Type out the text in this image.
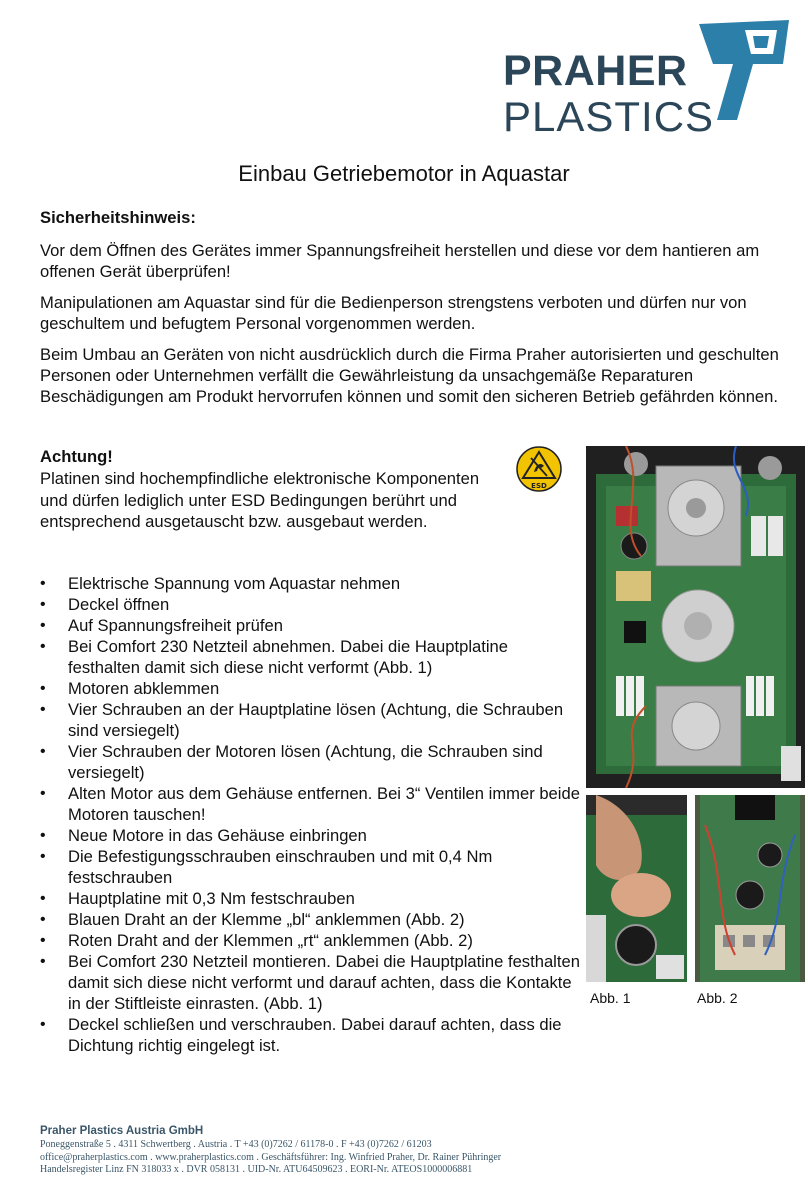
PRAHER
PLASTICS
Einbau Getriebemotor in Aquastar
Sicherheitshinweis:
Vor dem Öffnen des Gerätes immer Spannungsfreiheit herstellen und diese vor dem hantieren am offenen Gerät überprüfen!
Manipulationen am Aquastar sind für die Bedienperson strengstens verboten und dürfen nur von geschultem und befugtem Personal vorgenommen werden.
Beim Umbau an Geräten von nicht ausdrücklich durch die Firma Praher autorisierten und geschulten Personen oder Unternehmen verfällt die Gewährleistung da unsachgemäße Reparaturen Beschädigungen am Produkt hervorrufen können und somit den sicheren Betrieb gefährden können.
Achtung!
Platinen sind hochempfindliche elektronische Komponenten und dürfen lediglich unter ESD Bedingungen berührt und entsprechend ausgetauscht bzw. ausgebaut werden.
ESD
• Elektrische Spannung vom Aquastar nehmen
• Deckel öffnen
• Auf Spannungsfreiheit prüfen
• Bei Comfort 230 Netzteil abnehmen. Dabei die Hauptplatine festhalten damit sich diese nicht verformt (Abb. 1)
• Motoren abklemmen
• Vier Schrauben an der Hauptplatine lösen (Achtung, die Schrauben sind versiegelt)
• Vier Schrauben der Motoren lösen (Achtung, die Schrauben sind versiegelt)
• Alten Motor aus dem Gehäuse entfernen. Bei 3“ Ventilen immer beide Motoren tauschen!
• Neue Motore in das Gehäuse einbringen
• Die Befestigungsschrauben einschrauben und mit 0,4 Nm festschrauben
• Hauptplatine mit 0,3 Nm festschrauben
• Blauen Draht an der Klemme „bl“ anklemmen (Abb. 2)
• Roten Draht and der Klemmen „rt“ anklemmen (Abb. 2)
• Bei Comfort 230 Netzteil montieren. Dabei die Hauptplatine festhalten damit sich diese nicht verformt und darauf achten, dass die Kontakte in der Stiftleiste einrasten. (Abb. 1)
• Deckel schließen und verschrauben. Dabei darauf achten, dass die Dichtung richtig eingelegt ist.
Abb. 1	Abb. 2
Praher Plastics Austria GmbH
Poneggenstraße 5 . 4311 Schwertberg . Austria . T +43 (0)7262 / 61178-0 . F +43 (0)7262 / 61203
office@praherplastics.com . www.praherplastics.com . Geschäftsführer: Ing. Winfried Praher, Dr. Rainer Pühringer
Handelsregister Linz FN 318033 x . DVR 058131 . UID-Nr. ATU64509623 . EORI-Nr. ATEOS1000006881
